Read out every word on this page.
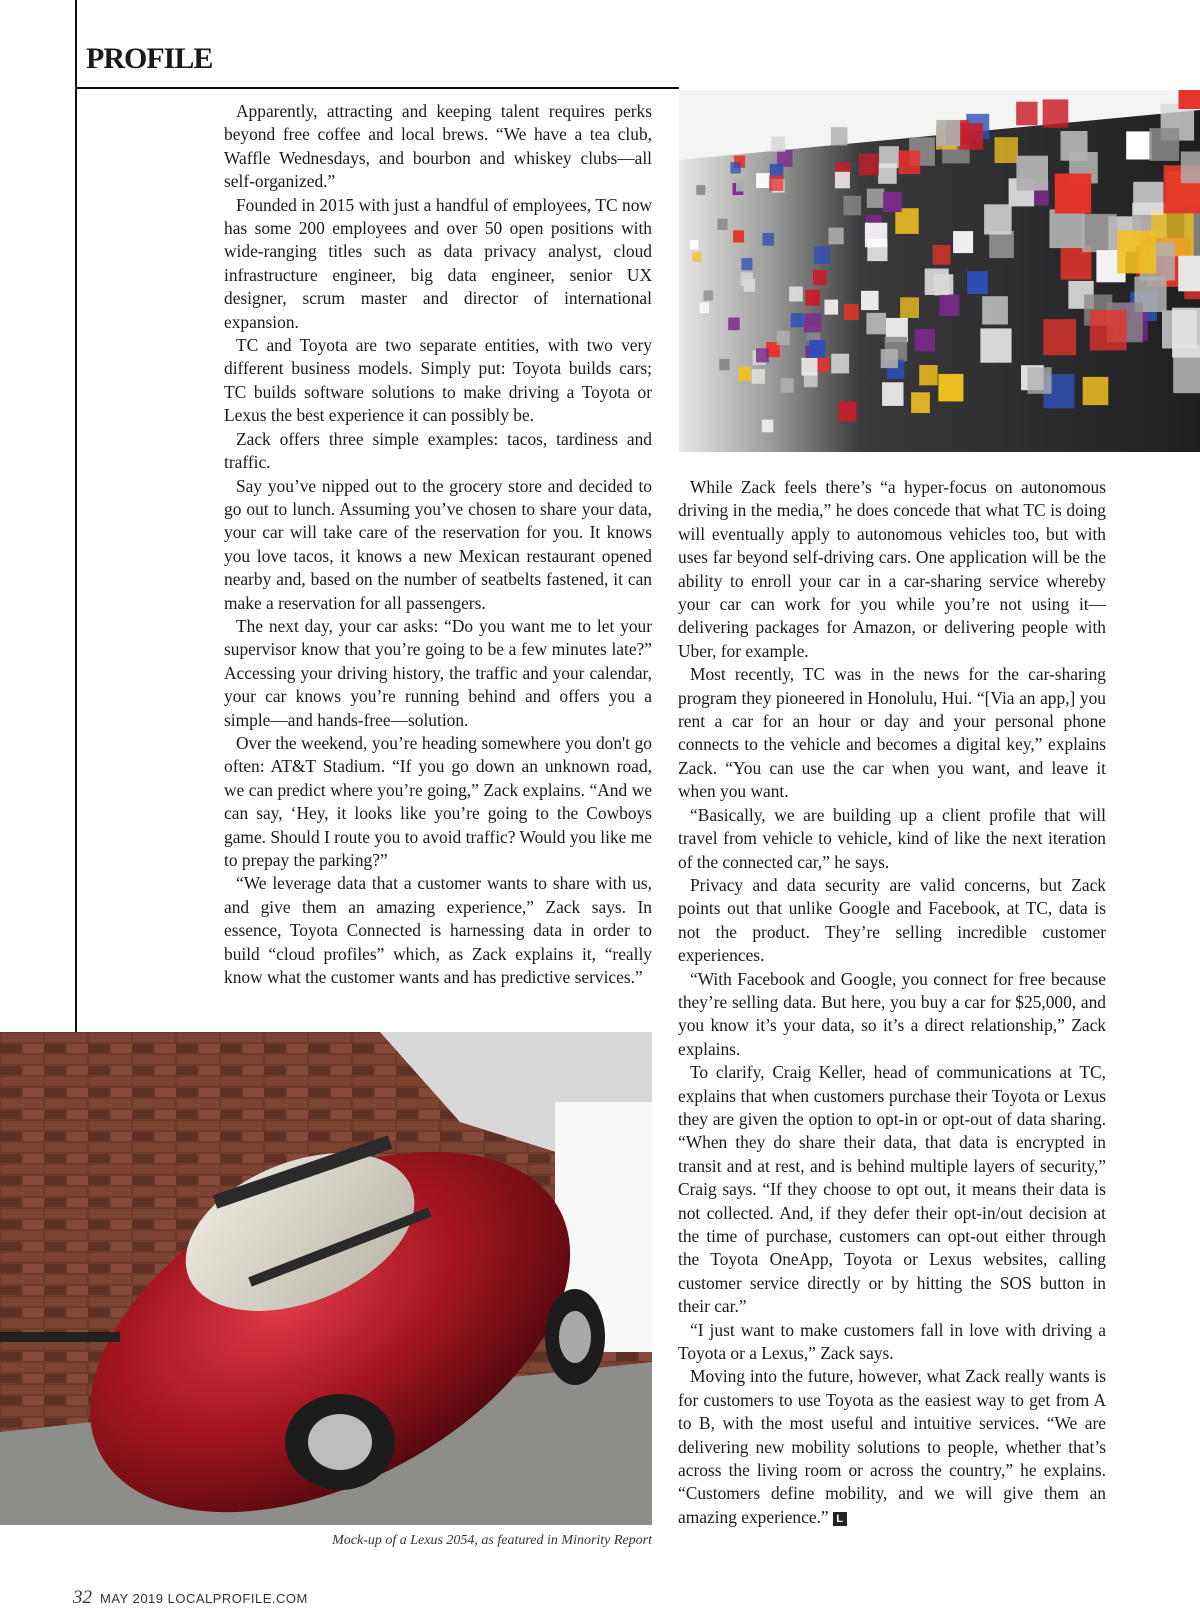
PROFILE

Apparently, attracting and keeping talent requires perks beyond free coffee and local brews. “We have a tea club, Waffle Wednesdays, and bourbon and whiskey clubs—all self-organized.”

Founded in 2015 with just a handful of employees, TC now has some 200 employees and over 50 open positions with wide-ranging titles such as data privacy analyst, cloud infrastructure engineer, big data engineer, senior UX designer, scrum master and director of international expansion.

TC and Toyota are two separate entities, with two very different business models. Simply put: Toyota builds cars; TC builds software solutions to make driving a Toyota or Lexus the best experience it can possibly be.

Zack offers three simple examples: tacos, tardiness and traffic.

Say you’ve nipped out to the grocery store and decided to go out to lunch. Assuming you’ve chosen to share your data, your car will take care of the reservation for you. It knows you love tacos, it knows a new Mexican restaurant opened nearby and, based on the number of seatbelts fastened, it can make a reservation for all passengers.

The next day, your car asks: “Do you want me to let your supervisor know that you’re going to be a few minutes late?” Accessing your driving history, the traffic and your calendar, your car knows you’re running behind and offers you a simple—and hands-free—solution.

Over the weekend, you’re heading somewhere you don't go often: AT&T Stadium. “If you go down an unknown road, we can predict where you’re going,” Zack explains. “And we can say, ‘Hey, it looks like you’re going to the Cowboys game. Should I route you to avoid traffic? Would you like me to prepay the parking?”

“We leverage data that a customer wants to share with us, and give them an amazing experience,” Zack says. In essence, Toyota Connected is harnessing data in order to build “cloud profiles” which, as Zack explains it, “really know what the customer wants and has predictive services.”

Mock-up of a Lexus 2054, as featured in Minority Report

While Zack feels there’s “a hyper-focus on autonomous driving in the media,” he does concede that what TC is doing will eventually apply to autonomous vehicles too, but with uses far beyond self-driving cars. One application will be the ability to enroll your car in a car-sharing service whereby your car can work for you while you’re not using it—delivering packages for Amazon, or delivering people with Uber, for example.

Most recently, TC was in the news for the car-sharing program they pioneered in Honolulu, Hui. “[Via an app,] you rent a car for an hour or day and your personal phone connects to the vehicle and becomes a digital key,” explains Zack. “You can use the car when you want, and leave it when you want.

“Basically, we are building up a client profile that will travel from vehicle to vehicle, kind of like the next iteration of the connected car,” he says.

Privacy and data security are valid concerns, but Zack points out that unlike Google and Facebook, at TC, data is not the product. They’re selling incredible customer experiences.

“With Facebook and Google, you connect for free because they’re selling data. But here, you buy a car for $25,000, and you know it’s your data, so it’s a direct relationship,” Zack explains.

To clarify, Craig Keller, head of communications at TC, explains that when customers purchase their Toyota or Lexus they are given the option to opt-in or opt-out of data sharing. “When they do share their data, that data is encrypted in transit and at rest, and is behind multiple layers of security,” Craig says. “If they choose to opt out, it means their data is not collected. And, if they defer their opt-in/out decision at the time of purchase, customers can opt-out either through the Toyota OneApp, Toyota or Lexus websites, calling customer service directly or by hitting the SOS button in their car.”

“I just want to make customers fall in love with driving a Toyota or a Lexus,” Zack says.

Moving into the future, however, what Zack really wants is for customers to use Toyota as the easiest way to get from A to B, with the most useful and intuitive services. “We are delivering new mobility solutions to people, whether that’s across the living room or across the country,” he explains. “Customers define mobility, and we will give them an amazing experience.” L

32 MAY 2019 LOCALPROFILE.COM
